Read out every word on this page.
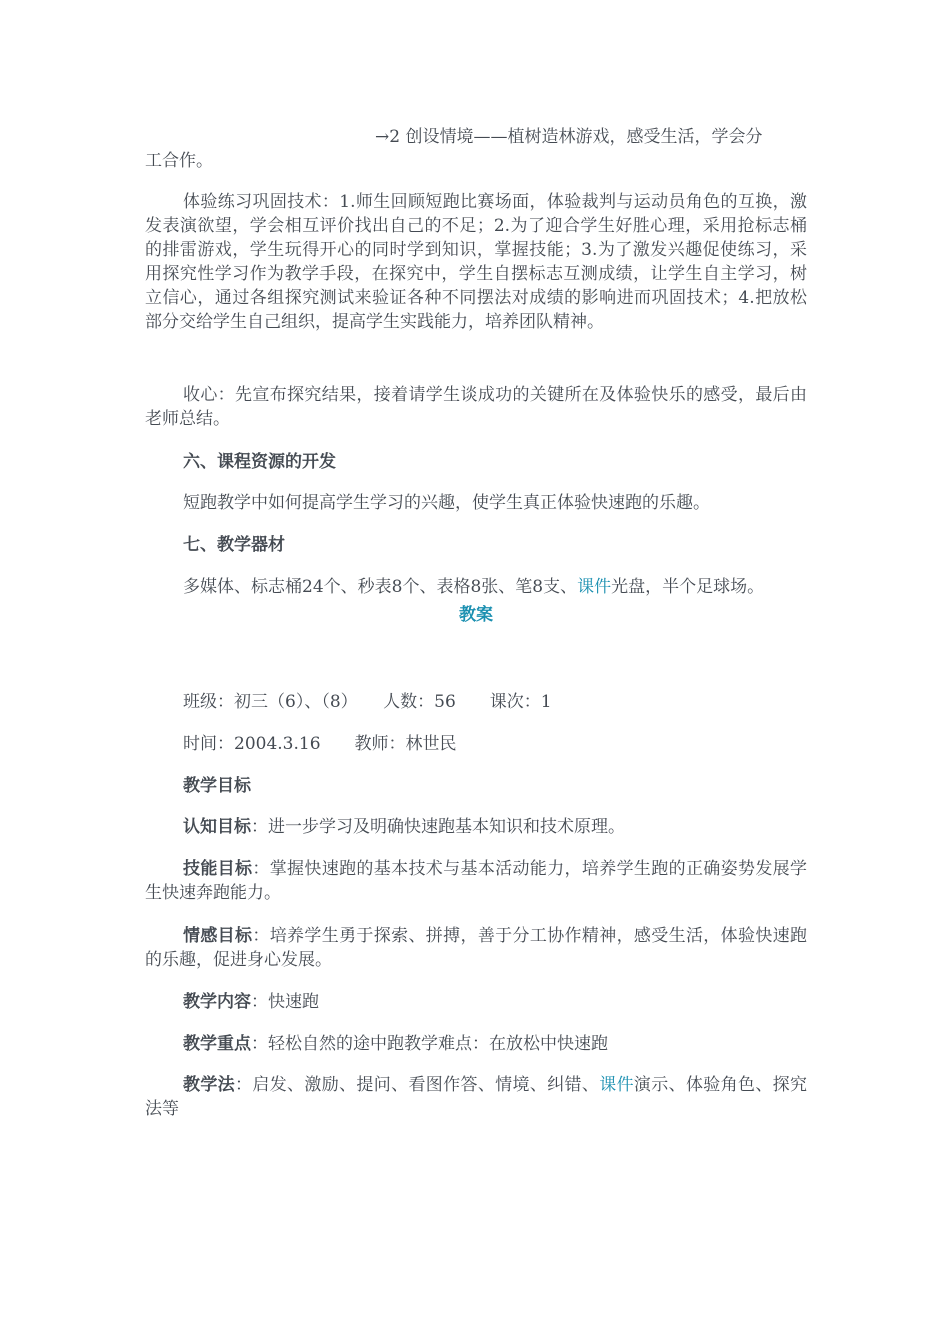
→2 创设情境——植树造林游戏，感受生活，学会分

工合作。

体验练习巩固技术：1.师生回顾短跑比赛场面，体验裁判与运动员角色的互换，激发表演欲望，学会相互评价找出自己的不足；2.为了迎合学生好胜心理，采用抢标志桶的排雷游戏，学生玩得开心的同时学到知识，掌握技能；3.为了激发兴趣促使练习，采用探究性学习作为教学手段，在探究中，学生自摆标志互测成绩，让学生自主学习，树立信心，通过各组探究测试来验证各种不同摆法对成绩的影响进而巩固技术；4.把放松部分交给学生自己组织，提高学生实践能力，培养团队精神。

收心：先宣布探究结果，接着请学生谈成功的关键所在及体验快乐的感受，最后由老师总结。

六、课程资源的开发

短跑教学中如何提高学生学习的兴趣，使学生真正体验快速跑的乐趣。

七、教学器材

多媒体、标志桶24个、秒表8个、表格8张、笔8支、课件光盘，半个足球场。

教案

班级：初三（6）、（8）　　人数：56　　课次：1

时间：2004.3.16　　教师：林世民

教学目标

认知目标：进一步学习及明确快速跑基本知识和技术原理。

技能目标：掌握快速跑的基本技术与基本活动能力，培养学生跑的正确姿势发展学生快速奔跑能力。

情感目标：培养学生勇于探索、拼搏，善于分工协作精神，感受生活，体验快速跑的乐趣，促进身心发展。

教学内容：快速跑

教学重点：轻松自然的途中跑教学难点：在放松中快速跑

教学法：启发、激励、提问、看图作答、情境、纠错、课件演示、体验角色、探究法等
